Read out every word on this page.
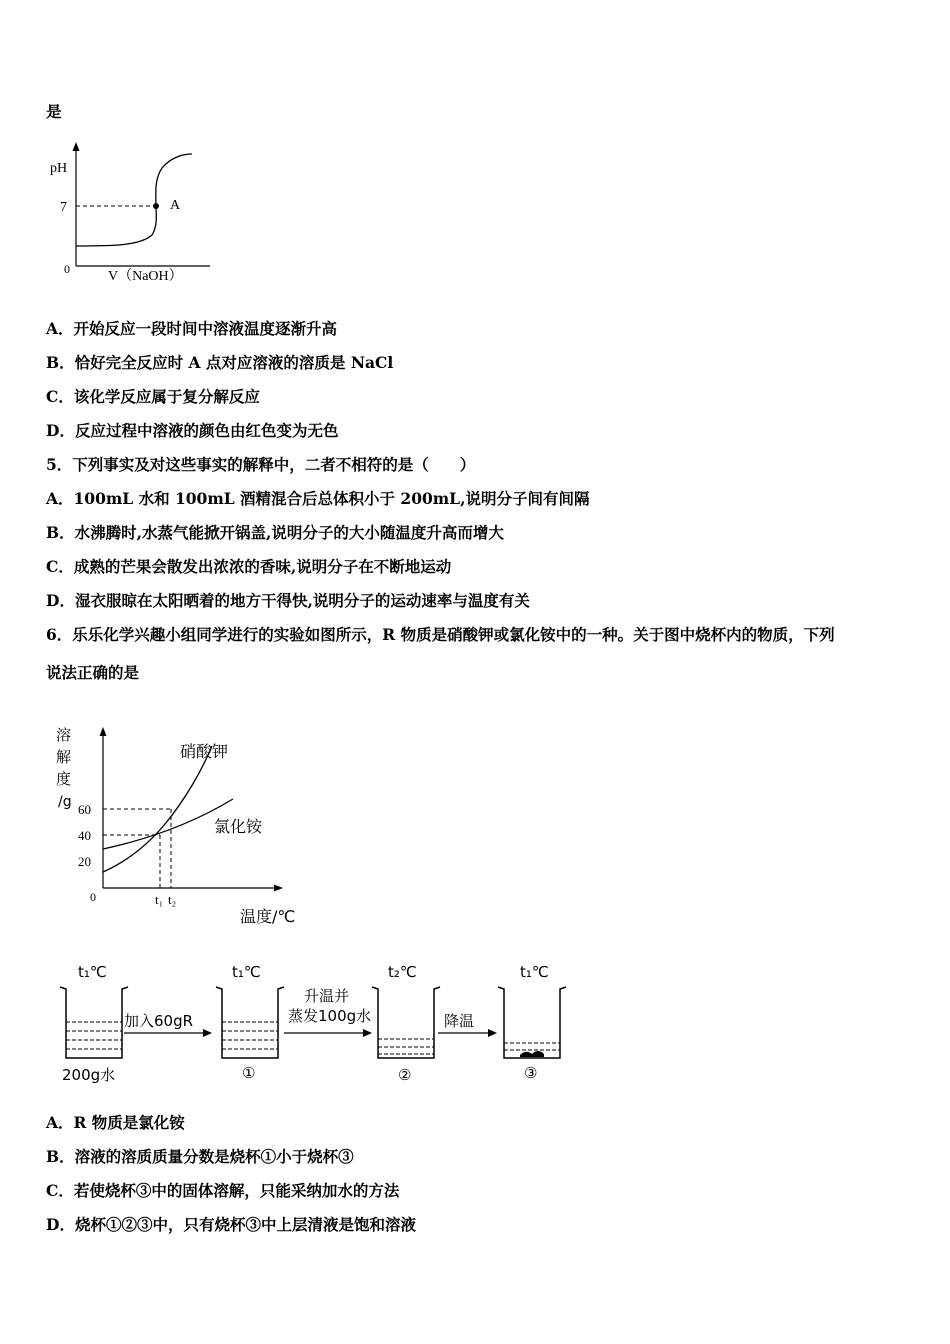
是
pH
7
0
A
V（NaOH）
A．开始反应一段时间中溶液温度逐渐升高
B．恰好完全反应时 A 点对应溶液的溶质是 NaCl
C．该化学反应属于复分解反应
D．反应过程中溶液的颜色由红色变为无色
5．下列事实及对这些事实的解释中，二者不相符的是（　　）
A．100mL 水和 100mL 酒精混合后总体积小于 200mL,说明分子间有间隔
B．水沸腾时,水蒸气能掀开锅盖,说明分子的大小随温度升高而增大
C．成熟的芒果会散发出浓浓的香味,说明分子在不断地运动
D．湿衣服晾在太阳晒着的地方干得快,说明分子的运动速率与温度有关
6．乐乐化学兴趣小组同学进行的实验如图所示，R 物质是硝酸钾或氯化铵中的一种。关于图中烧杯内的物质，下列
说法正确的是
溶
解
度
/g 60
40
20
0
硝酸钾
氯化铵
t₁ t₂
温度/℃
t₁℃
200g水
加入60gR
t₁℃
①
升温并
蒸发100g水
t₂℃
②
降温
t₁℃
③
A．R 物质是氯化铵
B．溶液的溶质质量分数是烧杯①小于烧杯③
C．若使烧杯③中的固体溶解，只能采纳加水的方法
D．烧杯①②③中，只有烧杯③中上层清液是饱和溶液
